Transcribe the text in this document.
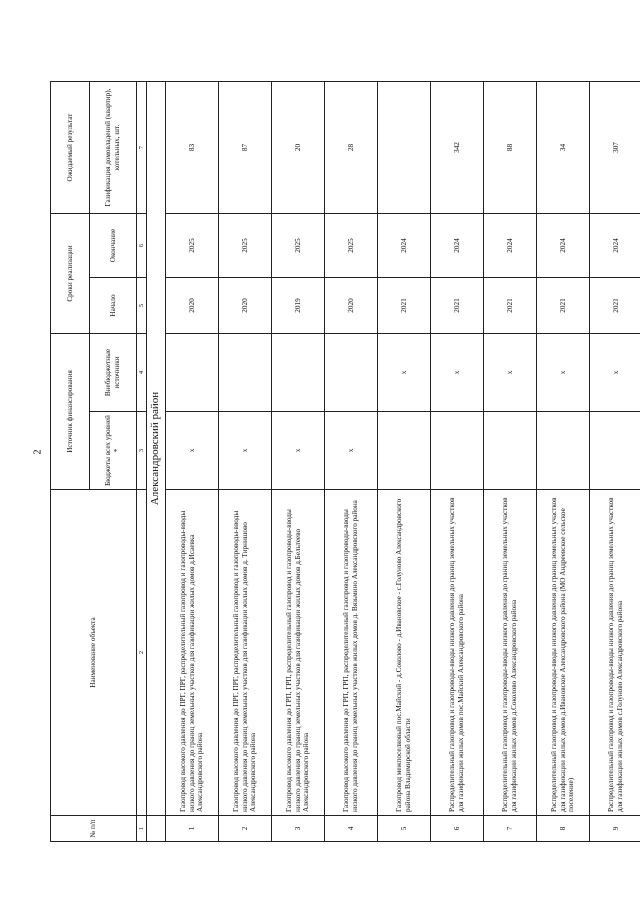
2
№ п/п	Наименование объекта	Источник финансирования		Сроки реализации		Ожидаемый результат
		Бюджеты всех уровней *	Внебюджетные источники	Начало	Окончание	Газификация домовладений (квартир), котельных, шт.
1	2	3	4	5	6	7
	Александровский район					
1	Газопровод высокого давления до ПРГ, ПРГ, распределительный газопровод и газопроводы-вводы низкого давления до границ земельных участков для газификации жилых домов д.Исаевка Александровского района	x		2020	2025	83
2	Газопровод высокого давления до ПРГ, ПРГ, распределительный газопровод и газопроводы-вводы низкого давления до границ земельных участков для газификации жилых домов д. Тирнишово Александровского района	x		2020	2025	87
3	Газопровод высокого давления до ГРП, ГРП, распределительный газопровод и газопроводы-вводы низкого давления до границ земельных участков для газификации жилых домов д.Бельтеево Александровского района	x		2019	2025	20
4	Газопровод высокого давления до ГРП, ГРП, распределительный газопровод и газопроводы-вводы низкого давления до границ земельных участков жилых домов д. Вязьмино Александровского района	x		2020	2025	28
5	Газопровод межпоселковый пос.Майский - д.Соколово - д.Ивановское - с.Голуново Александровского района Владимирской области		x	2021	2024	
6	Распределительный газопровод и газопроводы-вводы низкого давления до границ земельных участков для газификации жилых домов пос.Майский Александровского района		x	2021	2024	342
7	Распределительный газопровод и газопроводы-вводы низкого давления до границ земельных участков для газификации жилых домов д.Соколово Александровского района		x	2021	2024	88
8	Распределительный газопровод и газопроводы-вводы низкого давления до границ земельных участков для газификации жилых домов д.Ивановское Александровского района (МО Андреевское сельское поселение)		x	2021	2024	34
9	Распределительный газопровод и газопроводы-вводы низкого давления до границ земельных участков для газификации жилых домов с.Голуново Александровского района		x	2021	2024	307
